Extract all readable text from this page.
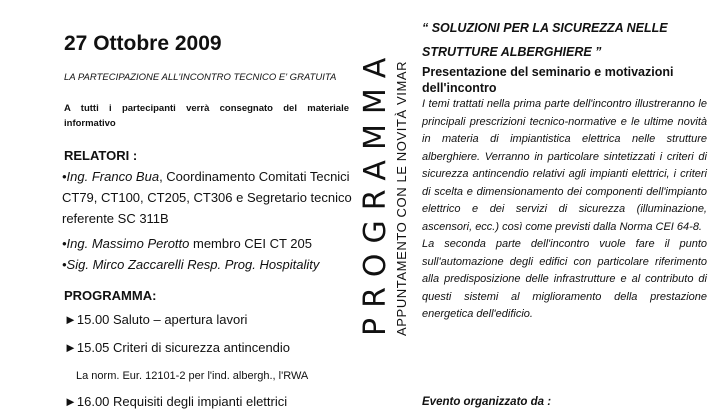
27 Ottobre 2009
LA PARTECIPAZIONE ALL'INCONTRO TECNICO E' GRATUITA
A tutti i partecipanti verrà consegnato del materiale informativo
RELATORI :
•Ing. Franco Bua, Coordinamento Comitati Tecnici CT79, CT100, CT205, CT306 e Segretario tecnico referente SC 311B
•Ing. Massimo Perotto membro CEI CT 205
•Sig. Mirco Zaccarelli Resp. Prog. Hospitality
PROGRAMMA:
►15.00 Saluto – apertura lavori
►15.05 Criteri di sicurezza antincendio
La norm. Eur. 12101-2 per l'ind. albergh., l'RWA
►16.00 Requisiti degli impianti elettrici
PROGRAMMA APPUNTAMENTO CON LE NOVITÀ VIMAR
“ SOLUZIONI PER LA SICUREZZA NELLE STRUTTURE ALBERGHIERE ”
Presentazione del seminario e motivazioni dell'incontro

I temi trattati nella prima parte dell'incontro illustreranno le principali prescrizioni tecnico-normative e le ultime novità in materia di impiantistica elettrica nelle strutture alberghiere. Verranno in particolare sintetizzati i criteri di sicurezza antincendio relativi agli impianti elettrici, i criteri di scelta e dimensionamento dei componenti dell'impianto elettrico e dei servizi di sicurezza (illuminazione, ascensori, ecc.) così come previsti dalla Norma CEI 64-8.

La seconda parte dell'incontro vuole fare il punto sull'automazione degli edifici con particolare riferimento alla predisposizione delle infrastrutture e al contributo di questi sistemi al miglioramento della prestazione energetica dell'edificio.

Evento organizzato da :
